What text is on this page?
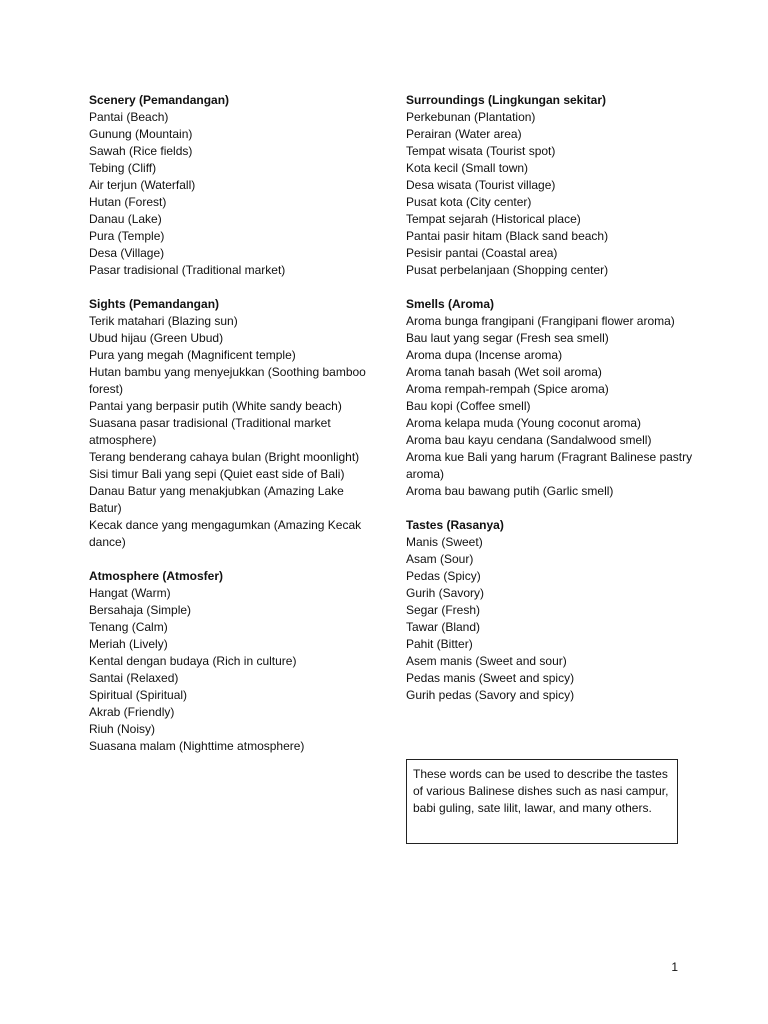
Scenery (Pemandangan)
Pantai (Beach)
Gunung (Mountain)
Sawah (Rice fields)
Tebing (Cliff)
Air terjun (Waterfall)
Hutan (Forest)
Danau (Lake)
Pura (Temple)
Desa (Village)
Pasar tradisional (Traditional market)
Sights (Pemandangan)
Terik matahari (Blazing sun)
Ubud hijau (Green Ubud)
Pura yang megah (Magnificent temple)
Hutan bambu yang menyejukkan (Soothing bamboo forest)
Pantai yang berpasir putih (White sandy beach)
Suasana pasar tradisional (Traditional market atmosphere)
Terang benderang cahaya bulan (Bright moonlight)
Sisi timur Bali yang sepi (Quiet east side of Bali)
Danau Batur yang menakjubkan (Amazing Lake Batur)
Kecak dance yang mengagumkan (Amazing Kecak dance)
Atmosphere (Atmosfer)
Hangat (Warm)
Bersahaja (Simple)
Tenang (Calm)
Meriah (Lively)
Kental dengan budaya (Rich in culture)
Santai (Relaxed)
Spiritual (Spiritual)
Akrab (Friendly)
Riuh (Noisy)
Suasana malam (Nighttime atmosphere)
Surroundings (Lingkungan sekitar)
Perkebunan (Plantation)
Perairan (Water area)
Tempat wisata (Tourist spot)
Kota kecil (Small town)
Desa wisata (Tourist village)
Pusat kota (City center)
Tempat sejarah (Historical place)
Pantai pasir hitam (Black sand beach)
Pesisir pantai (Coastal area)
Pusat perbelanjaan (Shopping center)
Smells (Aroma)
Aroma bunga frangipani (Frangipani flower aroma)
Bau laut yang segar (Fresh sea smell)
Aroma dupa (Incense aroma)
Aroma tanah basah (Wet soil aroma)
Aroma rempah-rempah (Spice aroma)
Bau kopi (Coffee smell)
Aroma kelapa muda (Young coconut aroma)
Aroma bau kayu cendana (Sandalwood smell)
Aroma kue Bali yang harum (Fragrant Balinese pastry aroma)
Aroma bau bawang putih (Garlic smell)
Tastes (Rasanya)
Manis (Sweet)
Asam (Sour)
Pedas (Spicy)
Gurih (Savory)
Segar (Fresh)
Tawar (Bland)
Pahit (Bitter)
Asem manis (Sweet and sour)
Pedas manis (Sweet and spicy)
Gurih pedas (Savory and spicy)
These words can be used to describe the tastes of various Balinese dishes such as nasi campur, babi guling, sate lilit, lawar, and many others.
1
